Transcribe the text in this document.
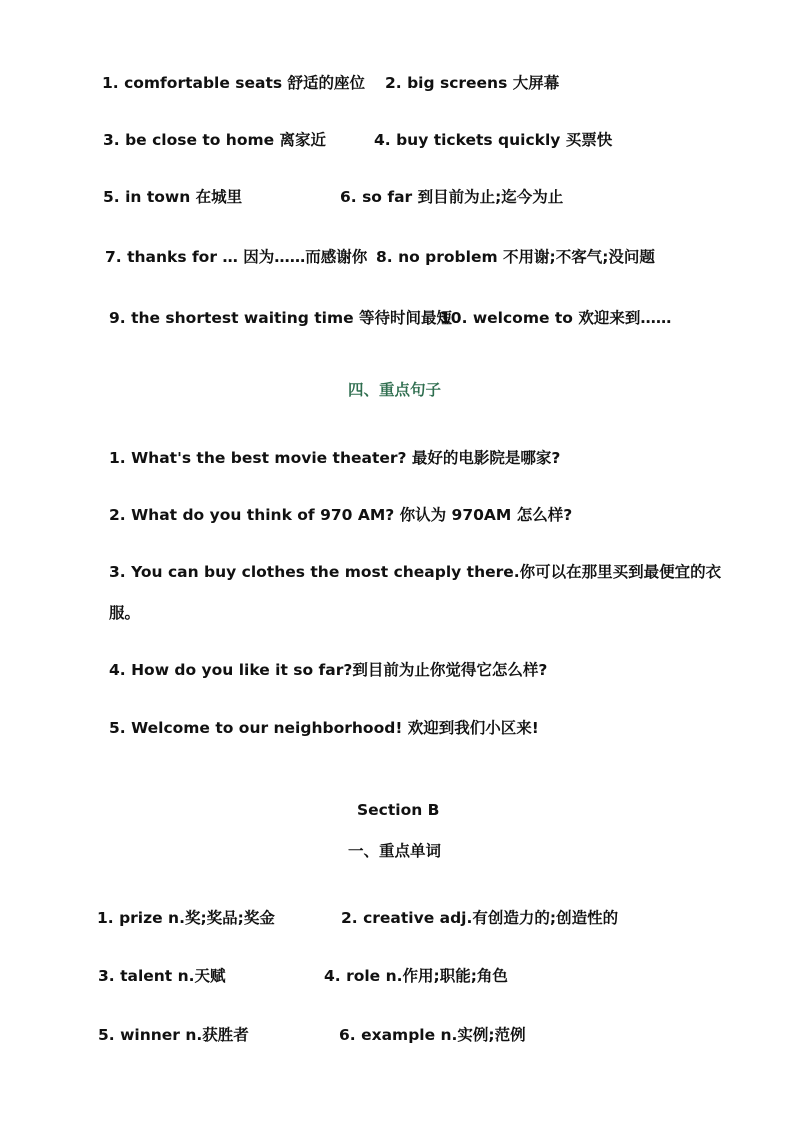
1. comfortable seats 舒适的座位 2. big screens 大屏幕
3. be close to home 离家近	4. buy tickets quickly 买票快
5. in town 在城里	6. so far 到目前为止;迄今为止
7. thanks for … 因为……而感谢你 8. no problem 不用谢;不客气;没问题
9. the shortest waiting time 等待时间最短
10. welcome to 欢迎来到……
四、重点句子
1. What's the best movie theater? 最好的电影院是哪家?
2. What do you think of 970 AM? 你认为 970AM 怎么样?
3. You can buy clothes the most cheaply there.你可以在那里买到最便宜的衣
服。
4. How do you like it so far?到目前为止你觉得它怎么样?
5. Welcome to our neighborhood! 欢迎到我们小区来!
Section B
一、重点单词
1. prize n.奖;奖品;奖金	2. creative adj.有创造力的;创造性的
3. talent n.天赋	4. role n.作用;职能;角色
5. winner n.获胜者	6. example n.实例;范例
